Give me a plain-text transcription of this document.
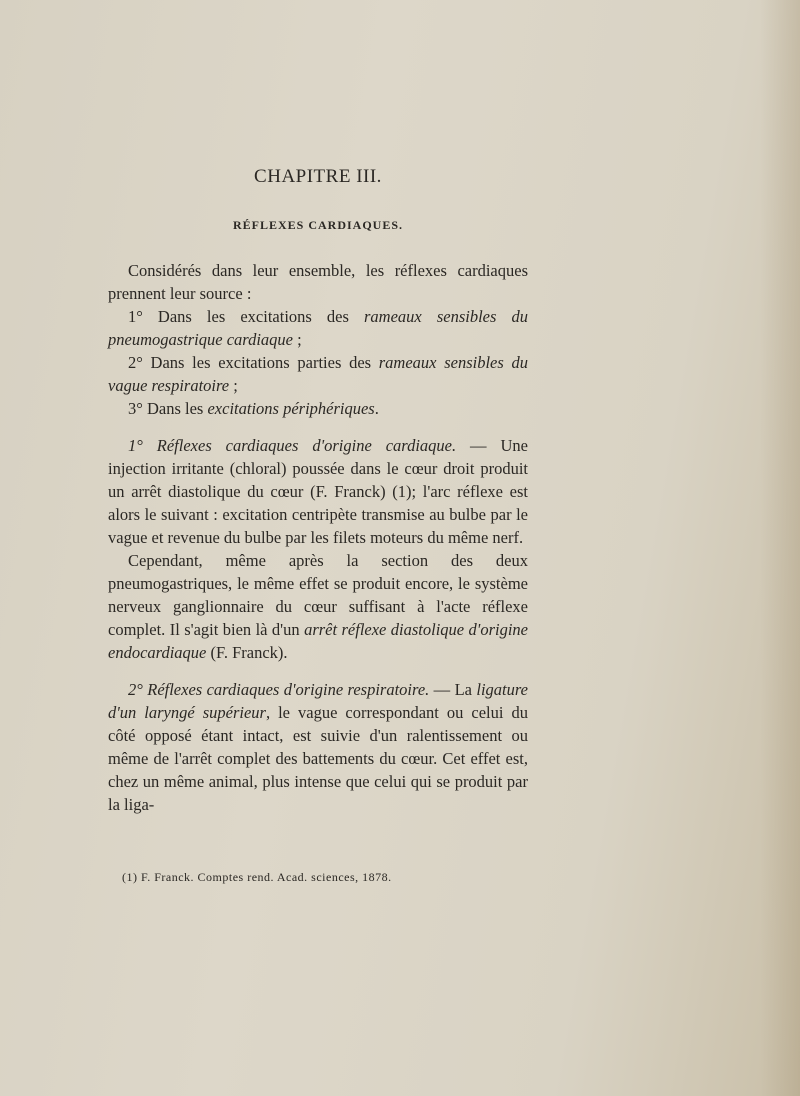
CHAPITRE III.
RÉFLEXES CARDIAQUES.

Considérés dans leur ensemble, les réflexes cardiaques prennent leur source :

1° Dans les excitations des rameaux sensibles du pneumogastrique cardiaque ;

2° Dans les excitations parties des rameaux sensibles du vague respiratoire ;

3° Dans les excitations périphériques.

1° Réflexes cardiaques d'origine cardiaque. — Une injection irritante (chloral) poussée dans le cœur droit produit un arrêt diastolique du cœur (F. Franck) (1); l'arc réflexe est alors le suivant : excitation centripète transmise au bulbe par le vague et revenue du bulbe par les filets moteurs du même nerf.

Cependant, même après la section des deux pneumogastriques, le même effet se produit encore, le système nerveux ganglionnaire du cœur suffisant à l'acte réflexe complet. Il s'agit bien là d'un arrêt réflexe diastolique d'origine endocardiaque (F. Franck).

2° Réflexes cardiaques d'origine respiratoire. — La ligature d'un laryngé supérieur, le vague correspondant ou celui du côté opposé étant intact, est suivie d'un ralentissement ou même de l'arrêt complet des battements du cœur. Cet effet est, chez un même animal, plus intense que celui qui se produit par la liga-

(1) F. Franck. Comptes rend. Acad. sciences, 1878.
